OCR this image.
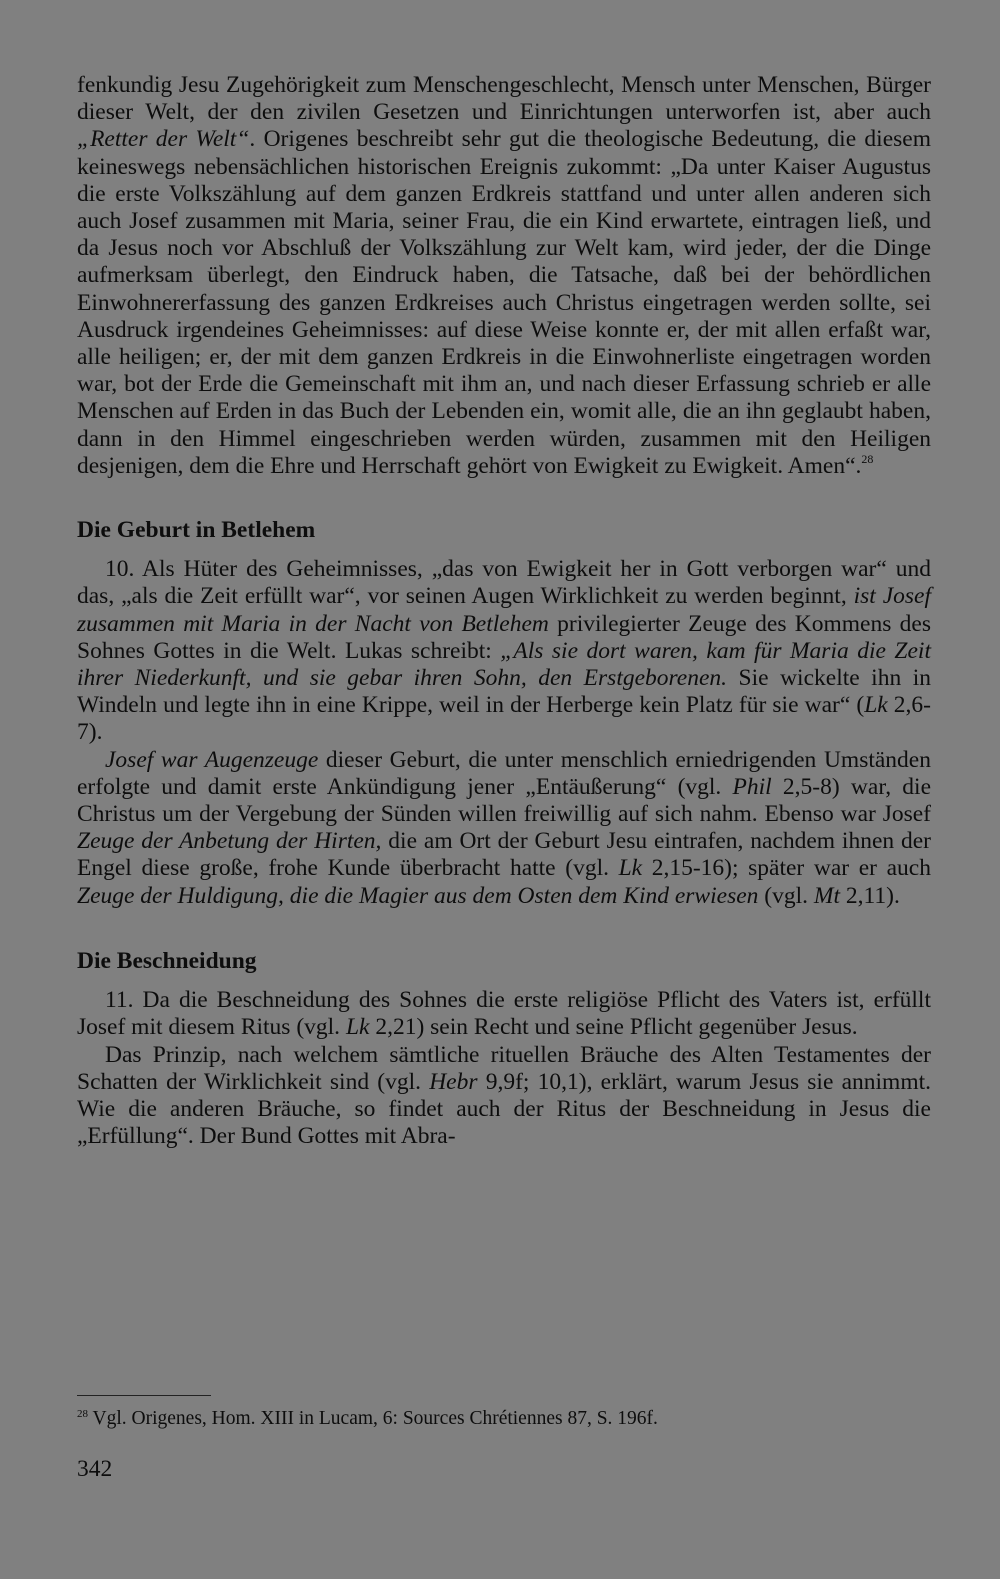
fenkundig Jesu Zugehörigkeit zum Menschengeschlecht, Mensch unter Menschen, Bürger dieser Welt, der den zivilen Gesetzen und Einrichtungen unterworfen ist, aber auch „Retter der Welt“. Origenes beschreibt sehr gut die theologische Bedeutung, die diesem keineswegs nebensächlichen historischen Ereignis zukommt: „Da unter Kaiser Augustus die erste Volkszählung auf dem ganzen Erdkreis stattfand und unter allen anderen sich auch Josef zusammen mit Maria, seiner Frau, die ein Kind erwartete, eintragen ließ, und da Jesus noch vor Abschluß der Volkszählung zur Welt kam, wird jeder, der die Dinge aufmerksam überlegt, den Eindruck haben, die Tatsache, daß bei der behördlichen Einwohnererfassung des ganzen Erdkreises auch Christus eingetragen werden sollte, sei Ausdruck irgendeines Geheimnisses: auf diese Weise konnte er, der mit allen erfaßt war, alle heiligen; er, der mit dem ganzen Erdkreis in die Einwohnerliste eingetragen worden war, bot der Erde die Gemeinschaft mit ihm an, und nach dieser Erfassung schrieb er alle Menschen auf Erden in das Buch der Lebenden ein, womit alle, die an ihn geglaubt haben, dann in den Himmel eingeschrieben werden würden, zusammen mit den Heiligen desjenigen, dem die Ehre und Herrschaft gehört von Ewigkeit zu Ewigkeit. Amen“.$^{28}$

Die Geburt in Betlehem

10. Als Hüter des Geheimnisses, „das von Ewigkeit her in Gott verborgen war“ und das, „als die Zeit erfüllt war“, vor seinen Augen Wirklichkeit zu werden beginnt, ist Josef zusammen mit Maria in der Nacht von Betlehem privilegierter Zeuge des Kommens des Sohnes Gottes in die Welt. Lukas schreibt: „Als sie dort waren, kam für Maria die Zeit ihrer Niederkunft, und sie gebar ihren Sohn, den Erstgeborenen. Sie wickelte ihn in Windeln und legte ihn in eine Krippe, weil in der Herberge kein Platz für sie war“ (Lk 2,6-7).

Josef war Augenzeuge dieser Geburt, die unter menschlich erniedrigenden Umständen erfolgte und damit erste Ankündigung jener „Entäußerung“ (vgl. Phil 2,5-8) war, die Christus um der Vergebung der Sünden willen freiwillig auf sich nahm. Ebenso war Josef Zeuge der Anbetung der Hirten, die am Ort der Geburt Jesu eintrafen, nachdem ihnen der Engel diese große, frohe Kunde überbracht hatte (vgl. Lk 2,15-16); später war er auch Zeuge der Huldigung, die die Magier aus dem Osten dem Kind erwiesen (vgl. Mt 2,11).

Die Beschneidung

11. Da die Beschneidung des Sohnes die erste religiöse Pflicht des Vaters ist, erfüllt Josef mit diesem Ritus (vgl. Lk 2,21) sein Recht und seine Pflicht gegenüber Jesus.

Das Prinzip, nach welchem sämtliche rituellen Bräuche des Alten Testamentes der Schatten der Wirklichkeit sind (vgl. Hebr 9,9f; 10,1), erklärt, warum Jesus sie annimmt. Wie die anderen Bräuche, so findet auch der Ritus der Beschneidung in Jesus die „Erfüllung“. Der Bund Gottes mit Abra-

$^{28}$ Vgl. Origenes, Hom. XIII in Lucam, 6: Sources Chrétiennes 87, S. 196f.
342
